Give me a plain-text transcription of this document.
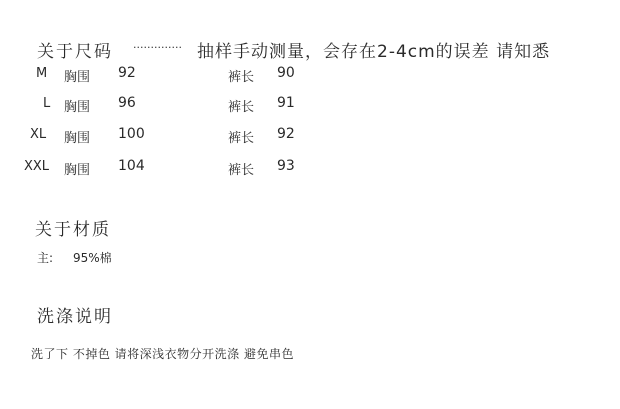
关于尺码 ·············· 抽样手动测量，会存在2-4cm的误差 请知悉
M 胸围 92	裤长 90
L 胸围 96	裤长 91
XL 胸围 100	裤长 92
XXL 胸围 104	裤长 93
关于材质
主: 95%棉
洗涤说明
洗了下 不掉色 请将深浅衣物分开洗涤 避免串色
